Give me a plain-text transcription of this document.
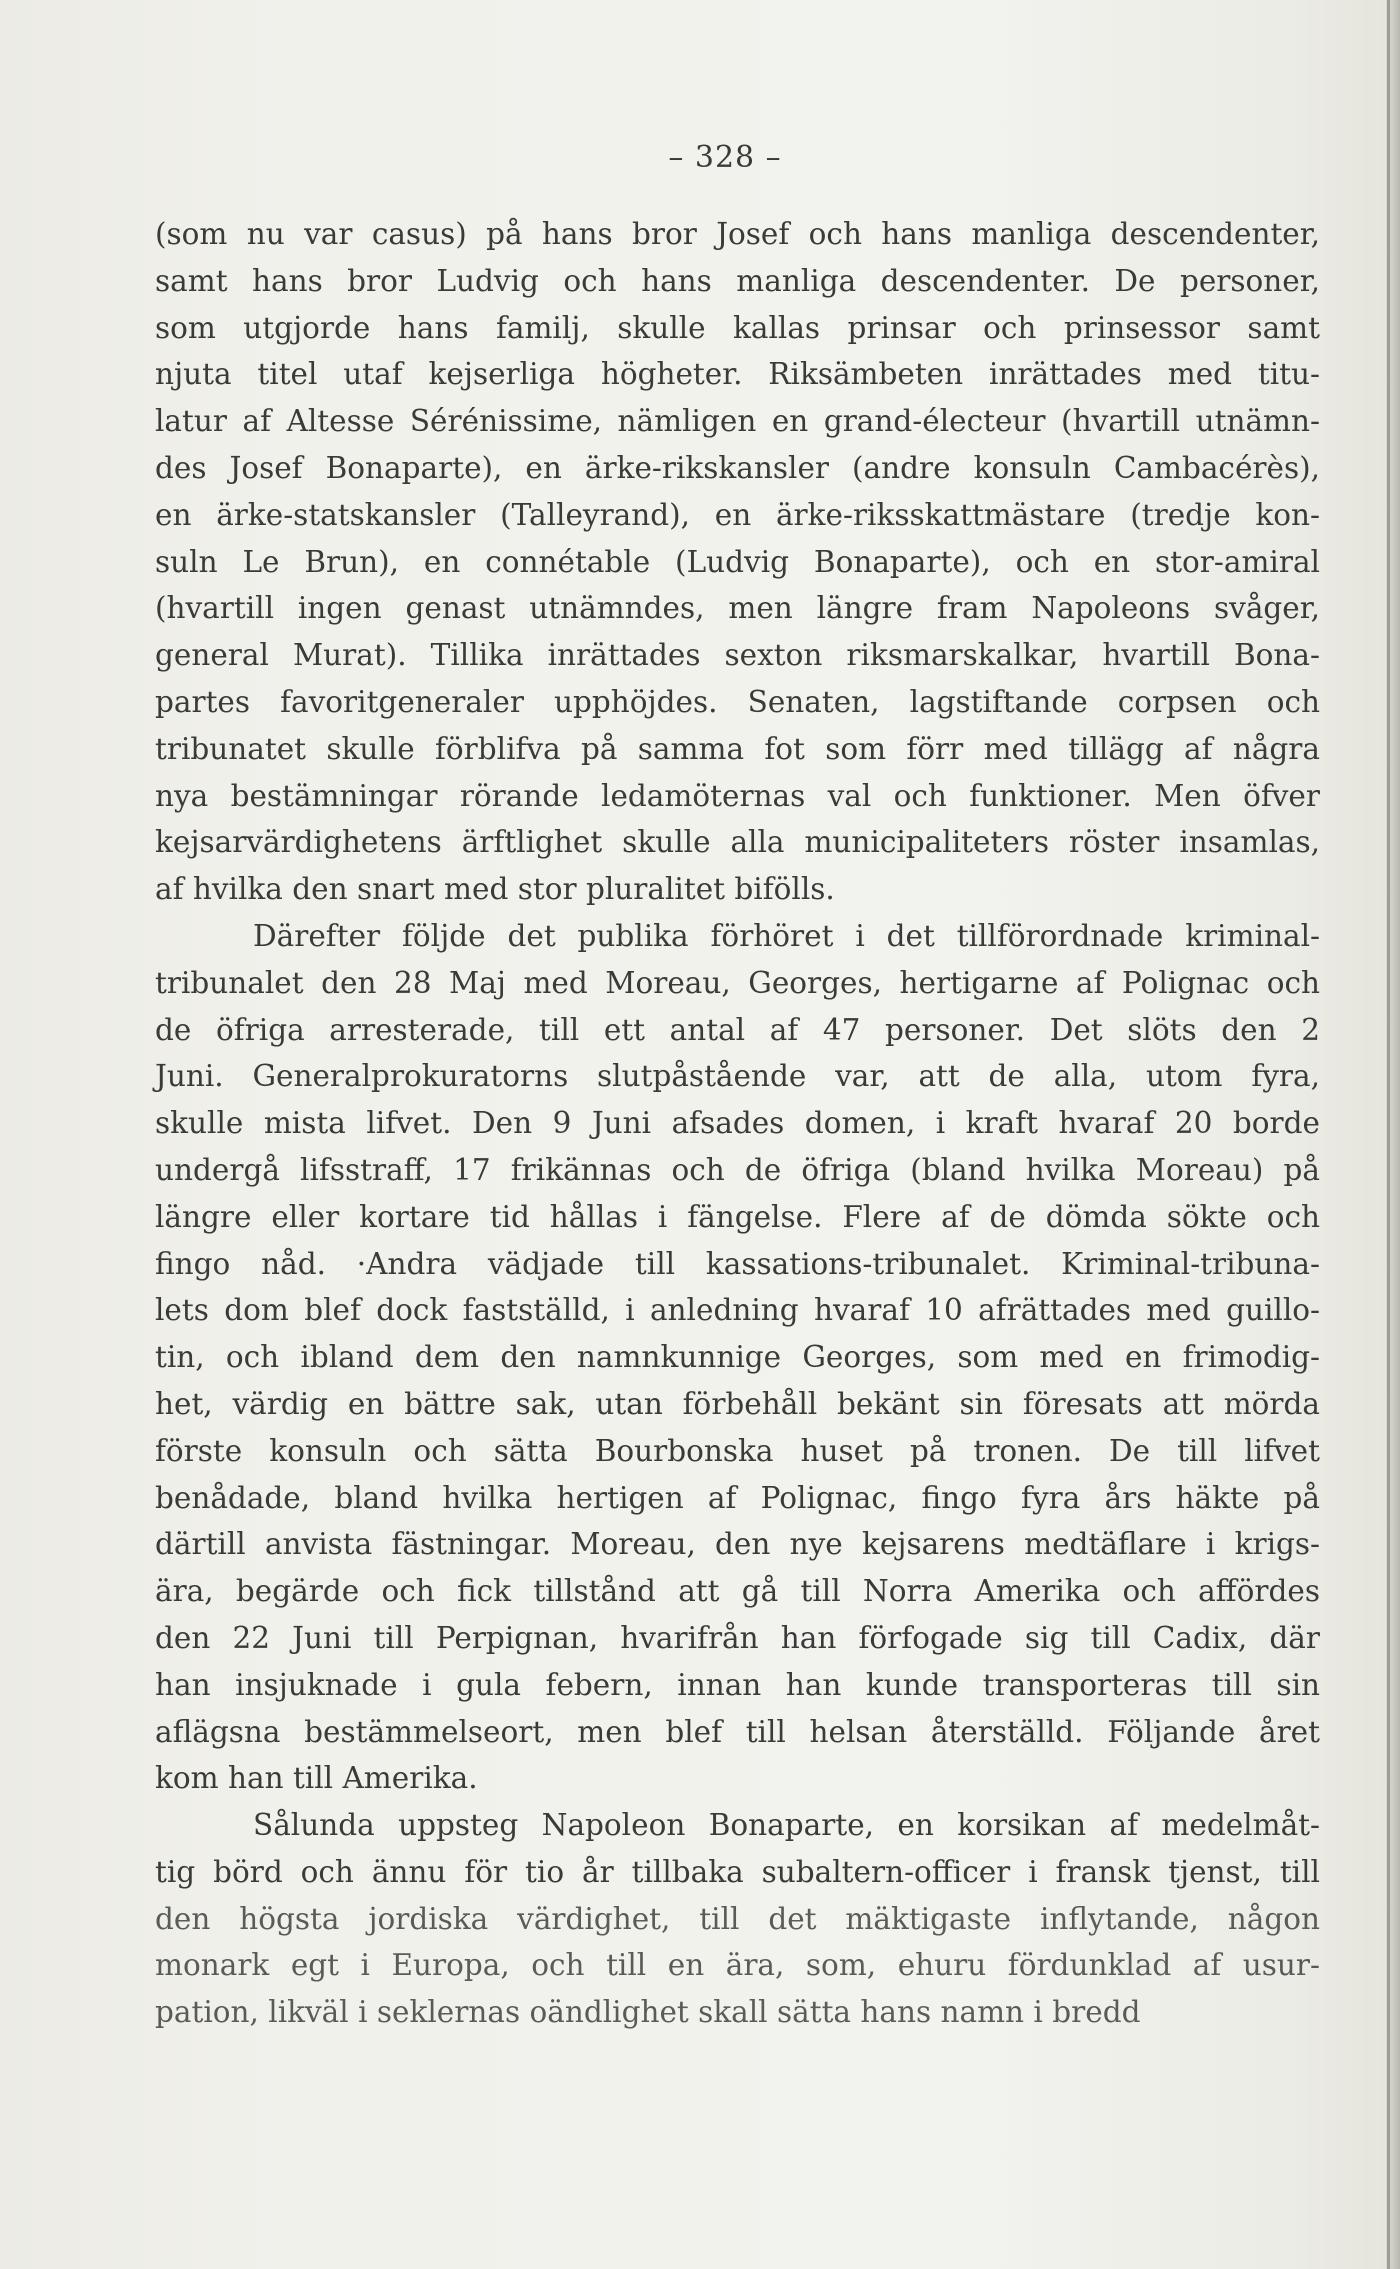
– 328 –
(som nu var casus) på hans bror Josef och hans manliga descendenter,
samt hans bror Ludvig och hans manliga descendenter. De personer,
som utgjorde hans familj, skulle kallas prinsar och prinsessor samt
njuta titel utaf kejserliga högheter. Riksämbeten inrättades med titu-
latur af Altesse Sérénissime, nämligen en grand-électeur (hvartill utnämn-
des Josef Bonaparte), en ärke-rikskansler (andre konsuln Cambacérès),
en ärke-statskansler (Talleyrand), en ärke-riksskattmästare (tredje kon-
suln Le Brun), en connétable (Ludvig Bonaparte), och en stor-amiral
(hvartill ingen genast utnämndes, men längre fram Napoleons svåger,
general Murat). Tillika inrättades sexton riksmarskalkar, hvartill Bona-
partes favoritgeneraler upphöjdes. Senaten, lagstiftande corpsen och
tribunatet skulle förblifva på samma fot som förr med tillägg af några
nya bestämningar rörande ledamöternas val och funktioner. Men öfver
kejsarvärdighetens ärftlighet skulle alla municipaliteters röster insamlas,
af hvilka den snart med stor pluralitet bifölls.
Därefter följde det publika förhöret i det tillförordnade kriminal-
tribunalet den 28 Maj med Moreau, Georges, hertigarne af Polignac och
de öfriga arresterade, till ett antal af 47 personer. Det slöts den 2
Juni. Generalprokuratorns slutpåstående var, att de alla, utom fyra,
skulle mista lifvet. Den 9 Juni afsades domen, i kraft hvaraf 20 borde
undergå lifsstraff, 17 frikännas och de öfriga (bland hvilka Moreau) på
längre eller kortare tid hållas i fängelse. Flere af de dömda sökte och
fingo nåd. ·Andra vädjade till kassations-tribunalet. Kriminal-tribuna-
lets dom blef dock fastställd, i anledning hvaraf 10 afrättades med guillo-
tin, och ibland dem den namnkunnige Georges, som med en frimodig-
het, värdig en bättre sak, utan förbehåll bekänt sin föresats att mörda
förste konsuln och sätta Bourbonska huset på tronen. De till lifvet
benådade, bland hvilka hertigen af Polignac, fingo fyra års häkte på
därtill anvista fästningar. Moreau, den nye kejsarens medtäflare i krigs-
ära, begärde och fick tillstånd att gå till Norra Amerika och affördes
den 22 Juni till Perpignan, hvarifrån han förfogade sig till Cadix, där
han insjuknade i gula febern, innan han kunde transporteras till sin
aflägsna bestämmelseort, men blef till helsan återställd. Följande året
kom han till Amerika.
Sålunda uppsteg Napoleon Bonaparte, en korsikan af medelmåt-
tig börd och ännu för tio år tillbaka subaltern-officer i fransk tjenst, till
den högsta jordiska värdighet, till det mäktigaste inflytande, någon
monark egt i Europa, och till en ära, som, ehuru fördunklad af usur-
pation, likväl i seklernas oändlighet skall sätta hans namn i bredd
